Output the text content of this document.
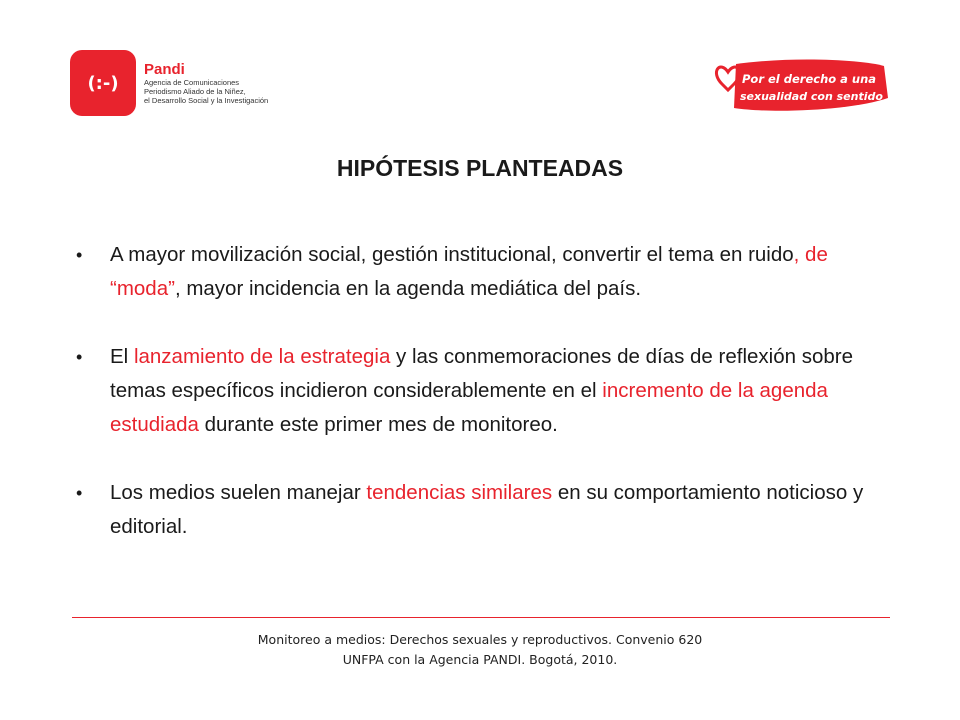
(:-)
Pandi
Agencia de Comunicaciones
Periodismo Aliado de la Niñez,
el Desarrollo Social y la Investigación
Por el derecho a una
sexualidad con sentido
HIPÓTESIS PLANTEADAS
• A mayor movilización social, gestión institucional, convertir el tema en ruido, de “moda”, mayor incidencia en la agenda mediática del país.
• El lanzamiento de la estrategia y las conmemoraciones de días de reflexión sobre temas específicos incidieron considerablemente en el incremento de la agenda estudiada durante este primer mes de monitoreo.
• Los medios suelen manejar tendencias similares en su comportamiento noticioso y editorial.
Monitoreo a medios: Derechos sexuales y reproductivos. Convenio 620
UNFPA con la Agencia PANDI. Bogotá, 2010.
